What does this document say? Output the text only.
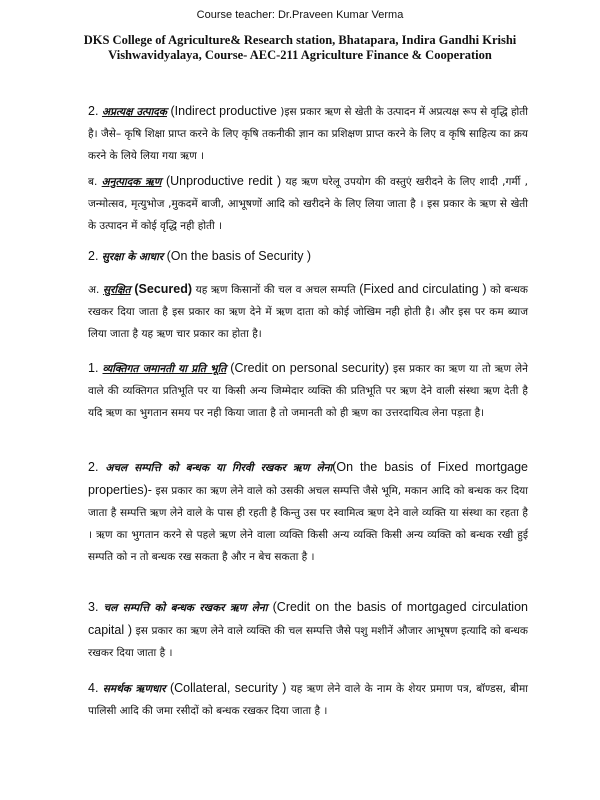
Course teacher: Dr.Praveen Kumar Verma
DKS College of Agriculture& Research station, Bhatapara, Indira Gandhi Krishi
Vishwavidyalaya, Course- AEC-211 Agriculture Finance & Cooperation
2. अप्रत्यक्ष उत्पादक (Indirect productive )इस प्रकार ऋण से खेती के उत्पादन में अप्रत्यक्ष रूप से वृद्धि होती है। जैसे– कृषि शिक्षा प्राप्त करने के लिए कृषि तकनीकी ज्ञान का प्रशिक्षण प्राप्त करने के लिए व कृषि साहित्य का क्रय करने के लिये लिया गया ऋण ।
ब. अनुत्पादक ऋण (Unproductive redit ) यह ऋण घरेलू उपयोग की वस्तुएं खरीदने के लिए शादी ,गर्मी , जन्मोत्सव, मृत्युभोज ,मुकदमें बाजी, आभूषणों आदि को खरीदने के लिए लिया जाता है । इस प्रकार के ऋण से खेती के उत्पादन में कोई वृद्धि नही होती ।
2. सुरक्षा के आधार (On the basis of Security )
अ. सुरक्षित (Secured) यह ऋण किसानों की चल व अचल सम्पति (Fixed and circulating ) को बन्धक रखकर दिया जाता है इस प्रकार का ऋण देने में ऋण दाता को कोई जोखिम नही होती है। और इस पर कम ब्याज लिया जाता है यह ऋण चार प्रकार का होता है।
1. व्यक्तिगत जमानती या प्रति भूति (Credit on personal security) इस प्रकार का ऋण या तो ऋण लेने वाले की व्यक्तिगत प्रतिभूति पर या किसी अन्य जिम्मेदार व्यक्ति की प्रतिभूति पर ऋण देने वाली संस्था ऋण देती है यदि ऋण का भुगतान समय पर नही किया जाता है तो जमानती को ही ऋण का उत्तरदायित्व लेना पड़ता है।
2. अचल सम्पत्ति को बन्धक या गिरवी रखकर ऋण लेना(On the basis of Fixed mortgage properties)- इस प्रकार का ऋण लेने वाले को उसकी अचल सम्पत्ति जैसे भूमि, मकान आदि को बन्धक कर दिया जाता है सम्पत्ति ऋण लेने वाले के पास ही रहती है किन्तु उस पर स्वामित्व ऋण देने वाले व्यक्ति या संस्था का रहता है । ऋण का भुगतान करने से पहले ऋण लेने वाला व्यक्ति किसी अन्य व्यक्ति किसी अन्य व्यक्ति को बन्धक रखी हुई सम्पति को न तो बन्धक रख सकता है और न बेच सकता है ।
3. चल सम्पत्ति को बन्धक रखकर ऋण लेना (Credit on the basis of mortgaged circulation capital ) इस प्रकार का ऋण लेने वाले व्यक्ति की चल सम्पत्ति जैसे पशु मशीनें औजार आभूषण इत्यादि को बन्धक रखकर दिया जाता है ।
4. समर्थक ऋणधार (Collateral, security ) यह ऋण लेने वाले के नाम के शेयर प्रमाण पत्र, बॉण्डस, बीमा पालिसी आदि की जमा रसीदों को बन्धक रखकर दिया जाता है ।
